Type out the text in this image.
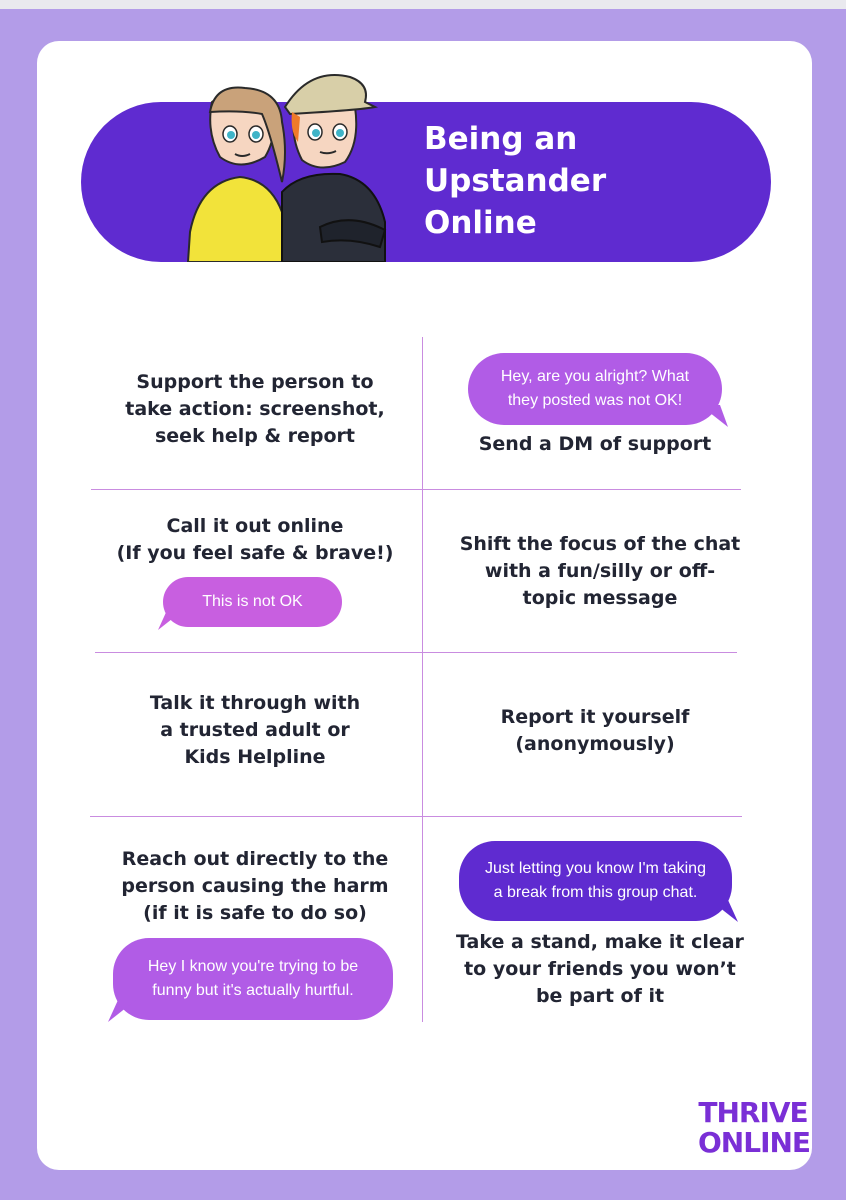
Being an
Upstander
Online
Support the person to
take action: screenshot,
seek help & report
Hey, are you alright? What
they posted was not OK!
Send a DM of support
Call it out online
(If you feel safe & brave!)
This is not OK
Shift the focus of the chat
with a fun/silly or off-
topic message
Talk it through with
a trusted adult or
Kids Helpline
Report it yourself
(anonymously)
Reach out directly to the
person causing the harm
(if it is safe to do so)
Hey I know you're trying to be
funny but it's actually hurtful.
Just letting you know I'm taking
a break from this group chat.
Take a stand, make it clear
to your friends you won’t
be part of it
THRIVE
ONLINE
